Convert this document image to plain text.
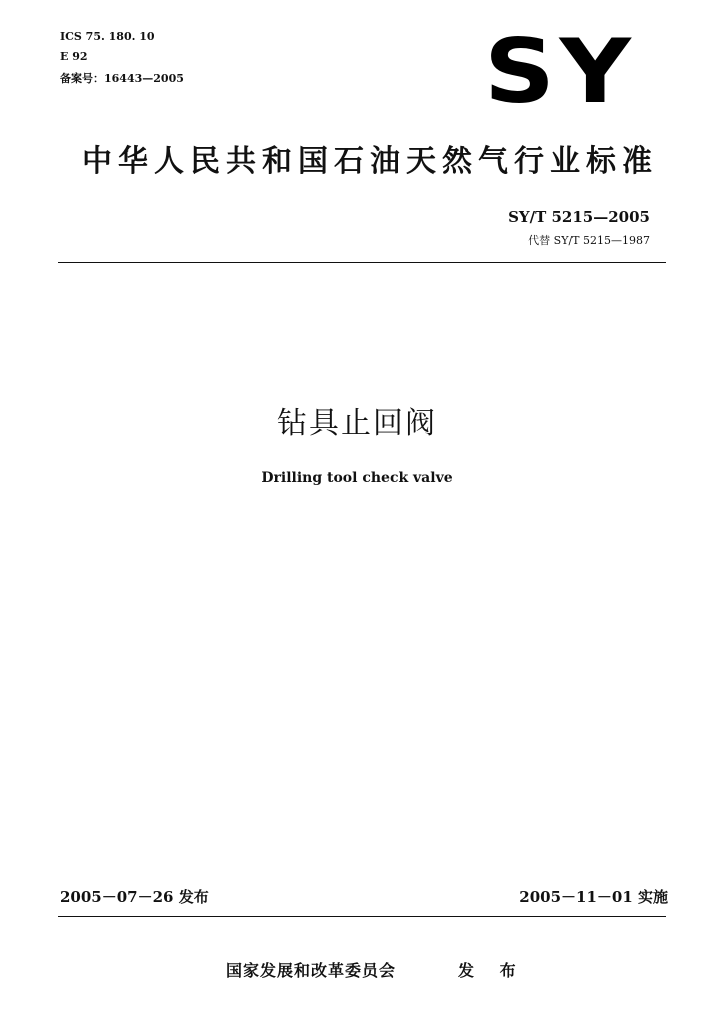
ICS 75. 180. 10
E 92
备案号：16443—2005	SY
中华人民共和国石油天然气行业标准
SY/T 5215—2005
代替 SY/T 5215—1987
钻具止回阀
Drilling tool check valve
2005－07－26 发布	2005－11－01 实施
国家发展和改革委员会	发 布
